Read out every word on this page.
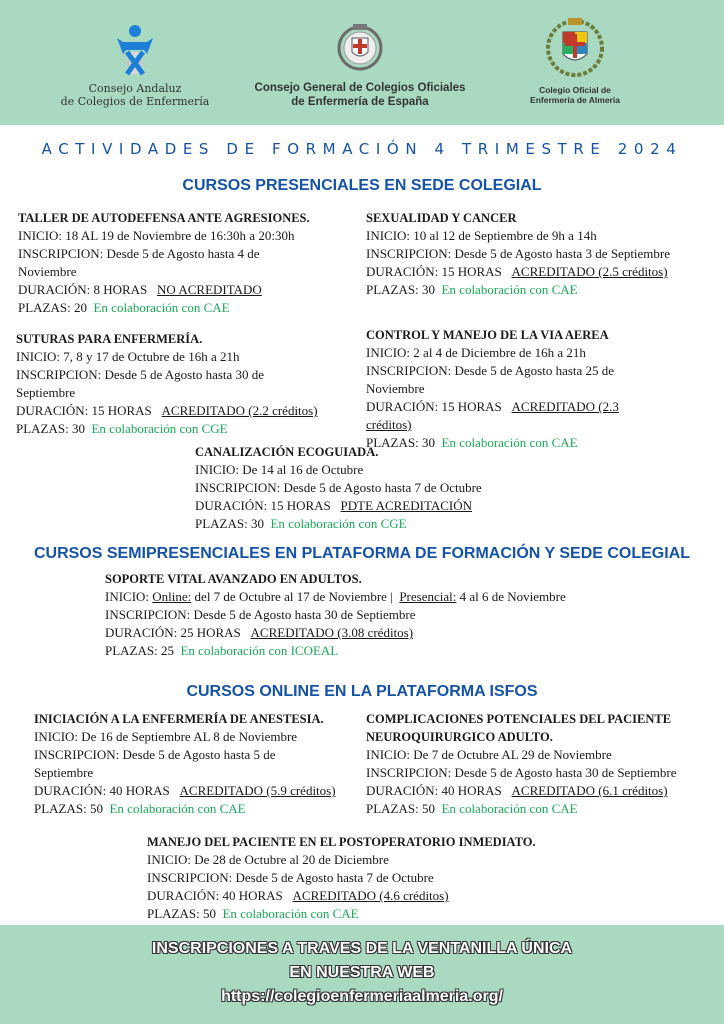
Consejo Andaluz
de Colegios de Enfermería
Consejo General de Colegios Oficiales
de Enfermería de España
Colegio Oficial de
Enfermería de Almeria
ACTIVIDADES DE FORMACIÓN 4 TRIMESTRE 2024
CURSOS PRESENCIALES EN SEDE COLEGIAL
TALLER DE AUTODEFENSA ANTE AGRESIONES.
INICIO: 18 AL 19 de Noviembre de 16:30h a 20:30h
INSCRIPCION: Desde 5 de Agosto hasta 4 de Noviembre
DURACIÓN: 8 HORAS NO ACREDITADO
PLAZAS: 20 En colaboración con CAE
SEXUALIDAD Y CANCER
INICIO: 10 al 12 de Septiembre de 9h a 14h
INSCRIPCION: Desde 5 de Agosto hasta 3 de Septiembre
DURACIÓN: 15 HORAS ACREDITADO (2.5 créditos)
PLAZAS: 30 En colaboración con CAE
SUTURAS PARA ENFERMERÍA.
INICIO: 7, 8 y 17 de Octubre de 16h a 21h
INSCRIPCION: Desde 5 de Agosto hasta 30 de Septiembre
DURACIÓN: 15 HORAS ACREDITADO (2.2 créditos)
PLAZAS: 30 En colaboración con CGE
CONTROL Y MANEJO DE LA VIA AEREA
INICIO: 2 al 4 de Diciembre de 16h a 21h
INSCRIPCION: Desde 5 de Agosto hasta 25 de Noviembre
DURACIÓN: 15 HORAS ACREDITADO (2.3 créditos)
PLAZAS: 30 En colaboración con CAE
CANALIZACIÓN ECOGUIADA.
INICIO: De 14 al 16 de Octubre
INSCRIPCION: Desde 5 de Agosto hasta 7 de Octubre
DURACIÓN: 15 HORAS PDTE ACREDITACIÓN
PLAZAS: 30 En colaboración con CGE
CURSOS SEMIPRESENCIALES EN PLATAFORMA DE FORMACIÓN Y SEDE COLEGIAL
SOPORTE VITAL AVANZADO EN ADULTOS.
INICIO: Online: del 7 de Octubre al 17 de Noviembre | Presencial: 4 al 6 de Noviembre
INSCRIPCION: Desde 5 de Agosto hasta 30 de Septiembre
DURACIÓN: 25 HORAS ACREDITADO (3.08 créditos)
PLAZAS: 25 En colaboración con ICOEAL
CURSOS ONLINE EN LA PLATAFORMA ISFOS
INICIACIÓN A LA ENFERMERÍA DE ANESTESIA.
INICIO: De 16 de Septiembre AL 8 de Noviembre
INSCRIPCION: Desde 5 de Agosto hasta 5 de Septiembre
DURACIÓN: 40 HORAS ACREDITADO (5.9 créditos)
PLAZAS: 50 En colaboración con CAE
COMPLICACIONES POTENCIALES DEL PACIENTE NEUROQUIRURGICO ADULTO.
INICIO: De 7 de Octubre AL 29 de Noviembre
INSCRIPCION: Desde 5 de Agosto hasta 30 de Septiembre
DURACIÓN: 40 HORAS ACREDITADO (6.1 créditos)
PLAZAS: 50 En colaboración con CAE
MANEJO DEL PACIENTE EN EL POSTOPERATORIO INMEDIATO.
INICIO: De 28 de Octubre al 20 de Diciembre
INSCRIPCION: Desde 5 de Agosto hasta 7 de Octubre
DURACIÓN: 40 HORAS ACREDITADO (4.6 créditos)
PLAZAS: 50 En colaboración con CAE
INSCRIPCIONES A TRAVES DE LA VENTANILLA ÚNICA
EN NUESTRA WEB
https://colegioenfermeriaalmeria.org/
